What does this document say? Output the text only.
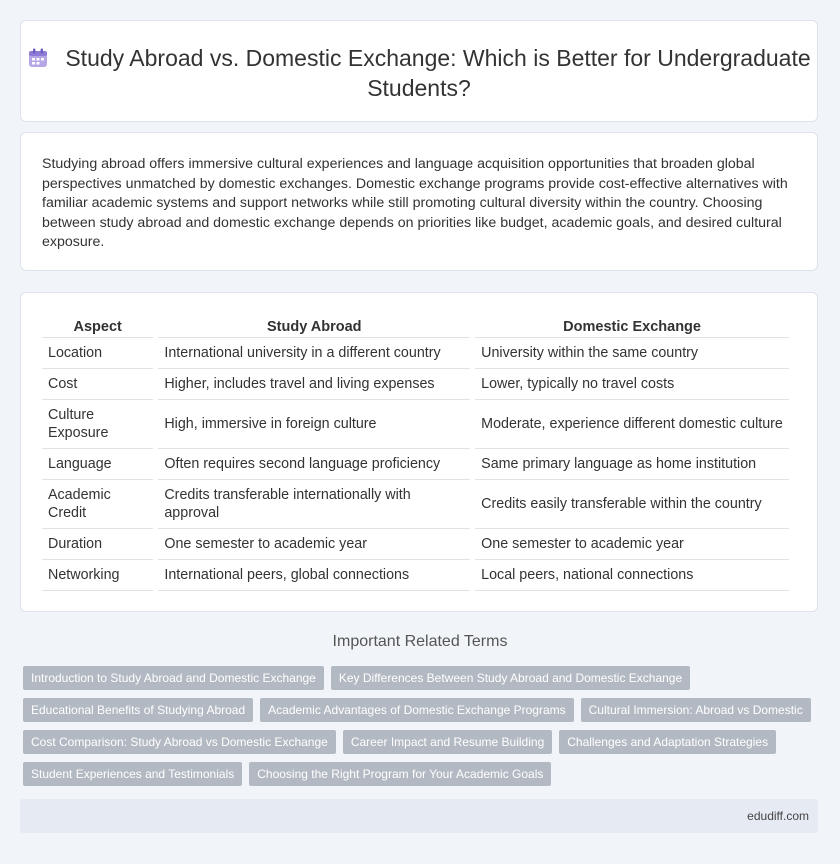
Study Abroad vs. Domestic Exchange: Which is Better for Undergraduate Students?

Studying abroad offers immersive cultural experiences and language acquisition opportunities that broaden global perspectives unmatched by domestic exchanges. Domestic exchange programs provide cost-effective alternatives with familiar academic systems and support networks while still promoting cultural diversity within the country. Choosing between study abroad and domestic exchange depends on priorities like budget, academic goals, and desired cultural exposure.

Aspect	Study Abroad	Domestic Exchange
Location	International university in a different country	University within the same country
Cost	Higher, includes travel and living expenses	Lower, typically no travel costs
Culture Exposure	High, immersive in foreign culture	Moderate, experience different domestic culture
Language	Often requires second language proficiency	Same primary language as home institution
Academic Credit	Credits transferable internationally with approval	Credits easily transferable within the country
Duration	One semester to academic year	One semester to academic year
Networking	International peers, global connections	Local peers, national connections
Important Related Terms
Introduction to Study Abroad and Domestic Exchange	Key Differences Between Study Abroad and Domestic Exchange
Educational Benefits of Studying Abroad	Academic Advantages of Domestic Exchange Programs	Cultural Immersion: Abroad vs Domestic
Cost Comparison: Study Abroad vs Domestic Exchange	Career Impact and Resume Building	Challenges and Adaptation Strategies
Student Experiences and Testimonials	Choosing the Right Program for Your Academic Goals
edudiff.com
